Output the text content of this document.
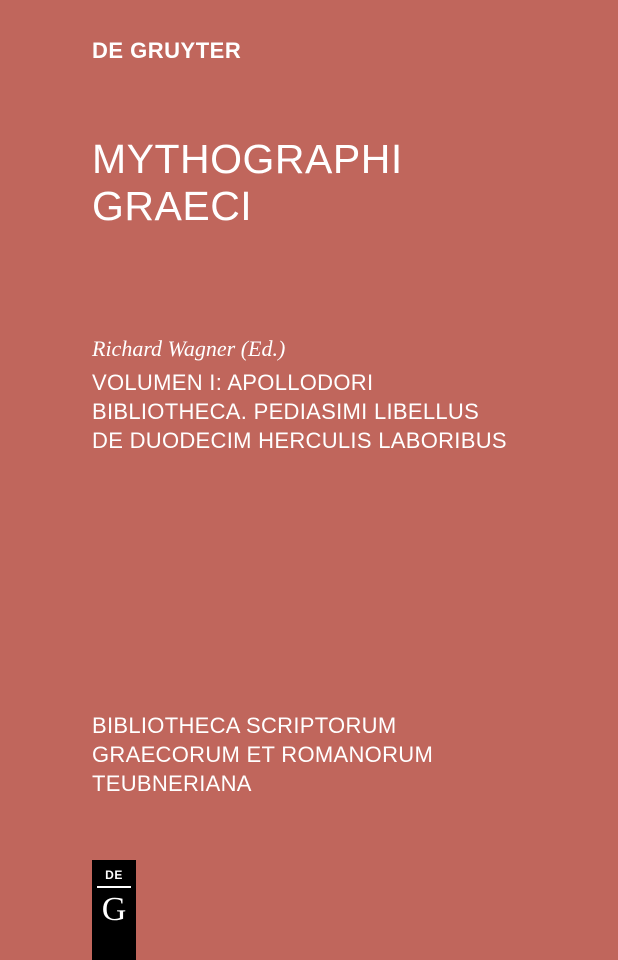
DE GRUYTER
MYTHOGRAPHI
GRAECI
Richard Wagner (Ed.)
VOLUMEN I: APOLLODORI
BIBLIOTHECA. PEDIASIMI LIBELLUS
DE DUODECIM HERCULIS LABORIBUS
BIBLIOTHECA SCRIPTORUM
GRAECORUM ET ROMANORUM
TEUBNERIANA
DE
G
